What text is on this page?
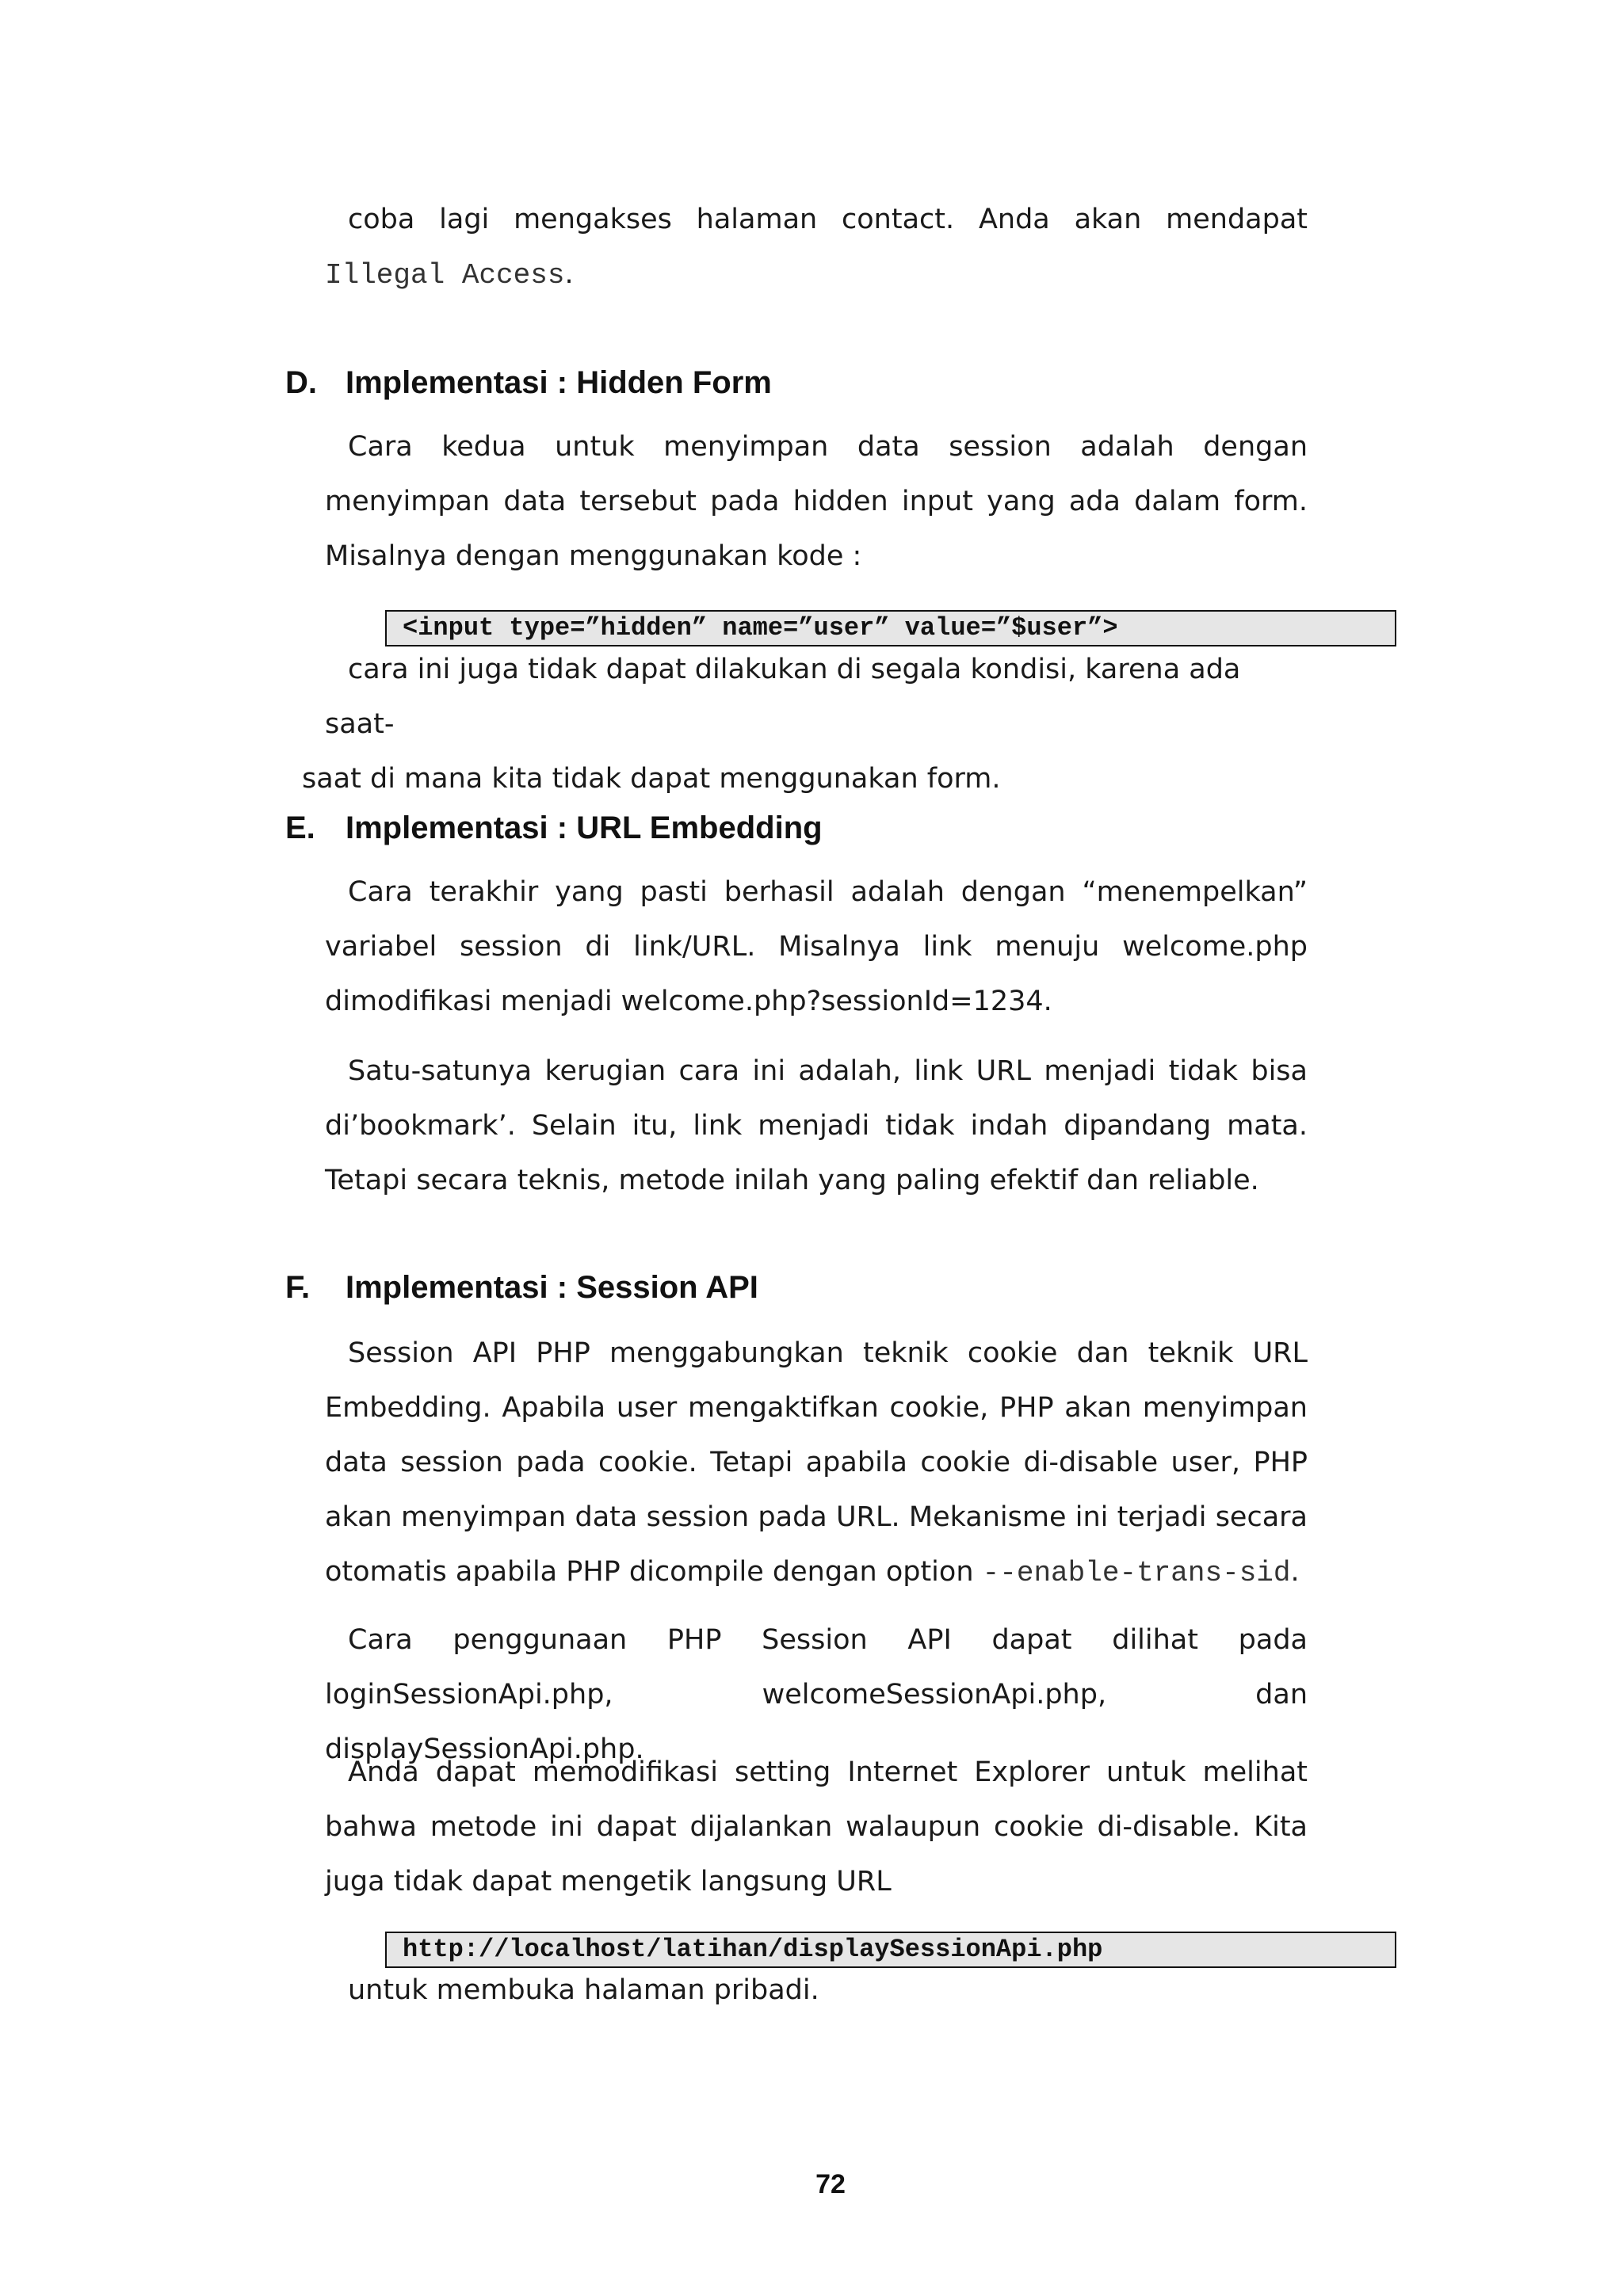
coba lagi mengakses halaman contact. Anda akan mendapat Illegal Access.

D. Implementasi : Hidden Form

Cara kedua untuk menyimpan data session adalah dengan menyimpan data tersebut pada hidden input yang ada dalam form. Misalnya dengan menggunakan kode :

<input type=”hidden” name=”user” value=”$user”>

cara ini juga tidak dapat dilakukan di segala kondisi, karena ada saat-
saat di mana kita tidak dapat menggunakan form.

E. Implementasi : URL Embedding

Cara terakhir yang pasti berhasil adalah dengan “menempelkan” variabel session di link/URL. Misalnya link menuju welcome.php dimodifikasi menjadi welcome.php?sessionId=1234.

Satu-satunya kerugian cara ini adalah, link URL menjadi tidak bisa di’bookmark’. Selain itu, link menjadi tidak indah dipandang mata. Tetapi secara teknis, metode inilah yang paling efektif dan reliable.

F. Implementasi : Session API

Session API PHP menggabungkan teknik cookie dan teknik URL Embedding. Apabila user mengaktifkan cookie, PHP akan menyimpan data session pada cookie. Tetapi apabila cookie di-disable user, PHP akan menyimpan data session pada URL. Mekanisme ini terjadi secara otomatis apabila PHP dicompile dengan option --enable-trans-sid.

Cara penggunaan PHP Session API dapat dilihat pada loginSessionApi.php, welcomeSessionApi.php, dan displaySessionApi.php.

Anda dapat memodifikasi setting Internet Explorer untuk melihat bahwa metode ini dapat dijalankan walaupun cookie di-disable. Kita juga tidak dapat mengetik langsung URL

http://localhost/latihan/displaySessionApi.php

untuk membuka halaman pribadi.

72
